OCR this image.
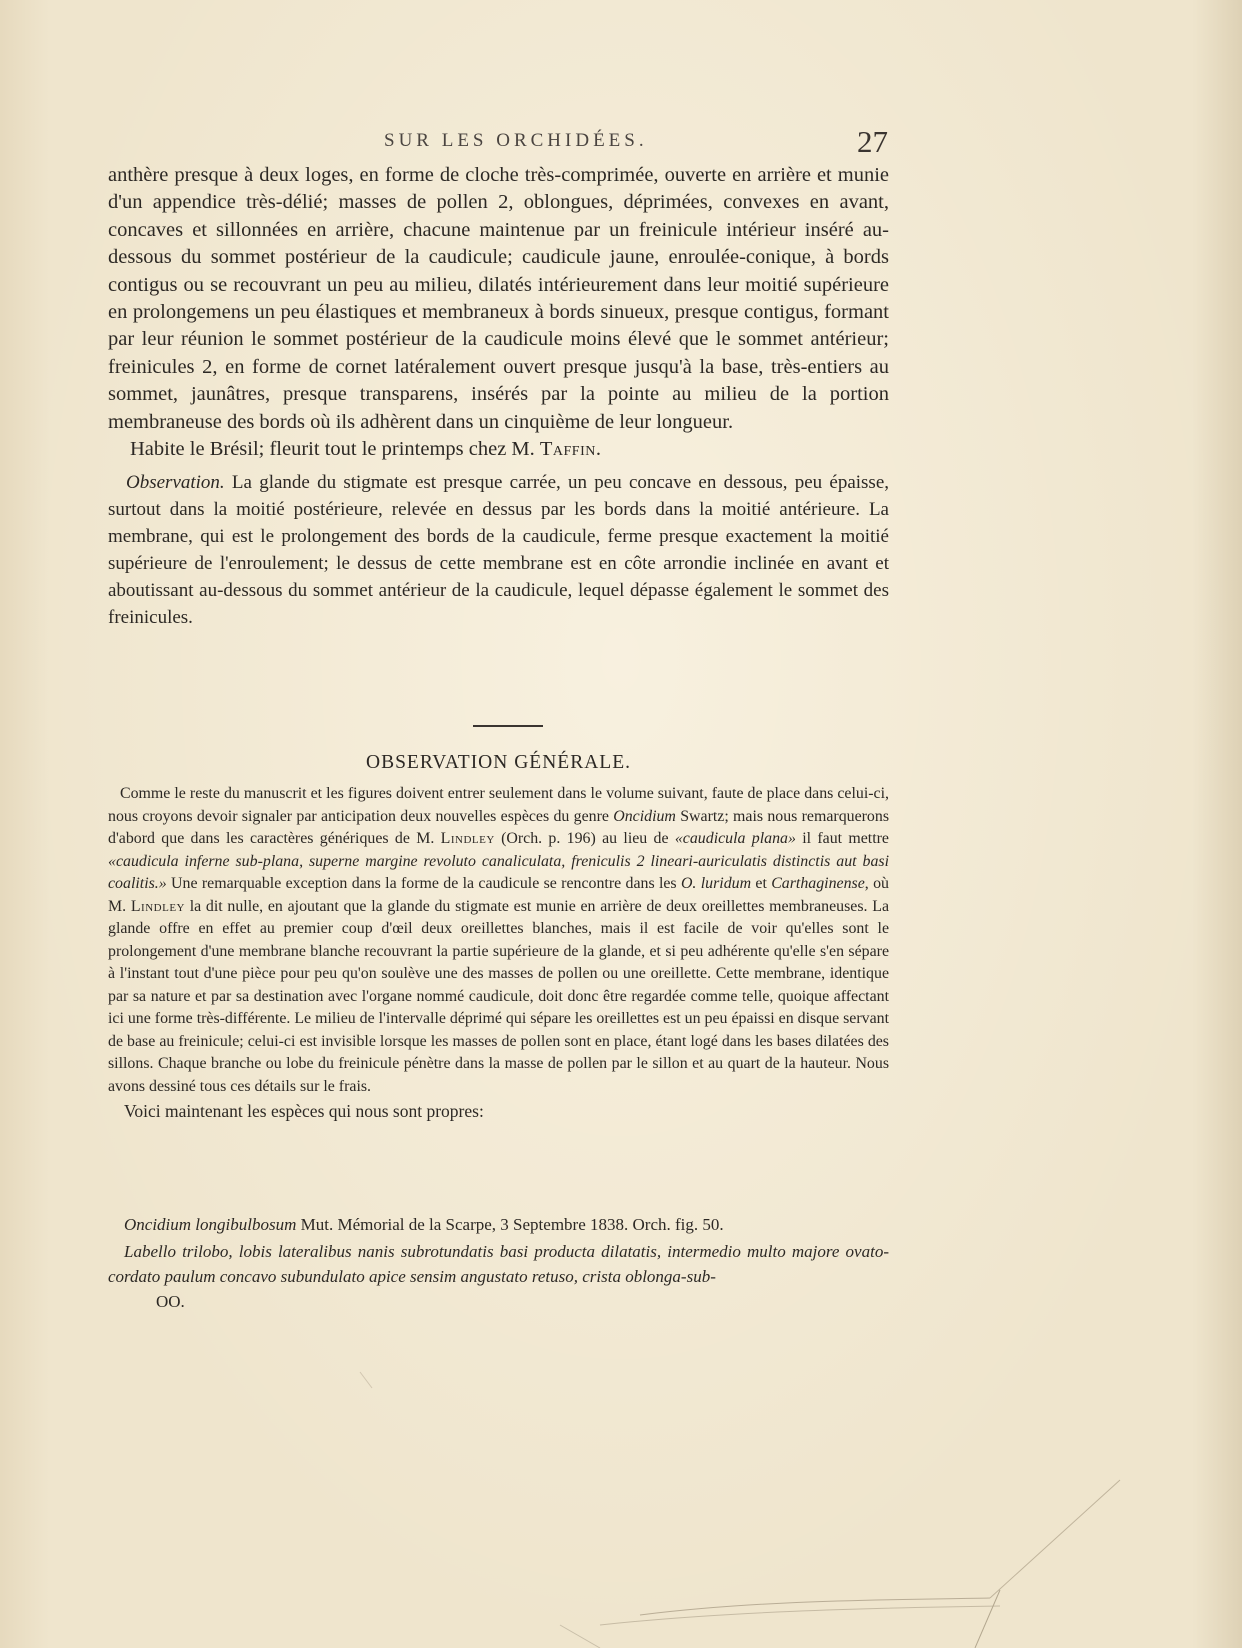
SUR LES ORCHIDÉES.	27

anthère presque à deux loges, en forme de cloche très-comprimée, ouverte en arrière et munie d'un appendice très-délié; masses de pollen 2, oblongues, déprimées, convexes en avant, concaves et sillonnées en arrière, chacune maintenue par un freinicule intérieur inséré au-dessous du sommet postérieur de la caudicule; caudicule jaune, enroulée-conique, à bords contigus ou se recouvrant un peu au milieu, dilatés intérieurement dans leur moitié supérieure en prolongemens un peu élastiques et membraneux à bords sinueux, presque contigus, formant par leur réunion le sommet postérieur de la caudicule moins élevé que le sommet antérieur; freinicules 2, en forme de cornet latéralement ouvert presque jusqu'à la base, très-entiers au sommet, jaunâtres, presque transparens, insérés par la pointe au milieu de la portion membraneuse des bords où ils adhèrent dans un cinquième de leur longueur.

Habite le Brésil; fleurit tout le printemps chez M. Taffin.

Observation. La glande du stigmate est presque carrée, un peu concave en dessous, peu épaisse, surtout dans la moitié postérieure, relevée en dessus par les bords dans la moitié antérieure. La membrane, qui est le prolongement des bords de la caudicule, ferme presque exactement la moitié supérieure de l'enroulement; le dessus de cette membrane est en côte arrondie inclinée en avant et aboutissant au-dessous du sommet antérieur de la caudicule, lequel dépasse également le sommet des freinicules.

OBSERVATION GÉNÉRALE.

Comme le reste du manuscrit et les figures doivent entrer seulement dans le volume suivant, faute de place dans celui-ci, nous croyons devoir signaler par anticipation deux nouvelles espèces du genre Oncidium Swartz; mais nous remarquerons d'abord que dans les caractères génériques de M. Lindley (Orch. p. 196) au lieu de «caudicula plana» il faut mettre «caudicula inferne sub-plana, superne margine revoluto canaliculata, freniculis 2 lineari-auriculatis distinctis aut basi coalitis.» Une remarquable exception dans la forme de la caudicule se rencontre dans les O. luridum et Carthaginense, où M. Lindley la dit nulle, en ajoutant que la glande du stigmate est munie en arrière de deux oreillettes membraneuses. La glande offre en effet au premier coup d'œil deux oreillettes blanches, mais il est facile de voir qu'elles sont le prolongement d'une membrane blanche recouvrant la partie supérieure de la glande, et si peu adhérente qu'elle s'en sépare à l'instant tout d'une pièce pour peu qu'on soulève une des masses de pollen ou une oreillette. Cette membrane, identique par sa nature et par sa destination avec l'organe nommé caudicule, doit donc être regardée comme telle, quoique affectant ici une forme très-différente. Le milieu de l'intervalle déprimé qui sépare les oreillettes est un peu épaissi en disque servant de base au freinicule; celui-ci est invisible lorsque les masses de pollen sont en place, étant logé dans les bases dilatées des sillons. Chaque branche ou lobe du freinicule pénètre dans la masse de pollen par le sillon et au quart de la hauteur. Nous avons dessiné tous ces détails sur le frais.

Voici maintenant les espèces qui nous sont propres:

Oncidium longibulbosum Mut. Mémorial de la Scarpe, 3 Septembre 1838. Orch. fig. 50.

Labello trilobo, lobis lateralibus nanis subrotundatis basi producta dilatatis, intermedio multo majore ovato-cordato paulum concavo subundulato apice sensim angustato retuso, crista oblonga-sub-

OO.
